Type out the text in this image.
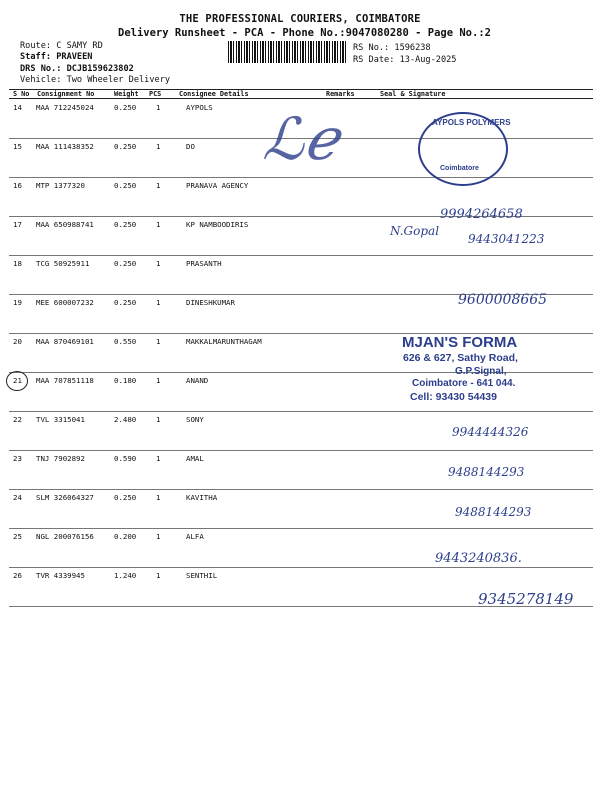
THE PROFESSIONAL COURIERS, COIMBATORE
Delivery Runsheet - PCA - Phone No.:9047080280 - Page No.:2
Route: C SAMY RD
Staff: PRAVEEN
DRS No.: DCJB159623802
Vehicle: Two Wheeler Delivery
RS No.: 1596238
RS Date: 13-Aug-2025
S No Consignment No	Weight PCS	Consignee Details	Remarks	Seal & Signature
14 MAA 712245024	0.250	1	AYPOLS
15 MAA 111438352	0.250	1	DO
16 MTP 1377320	0.250	1	PRANAVA AGENCY
17 MAA 650988741	0.250	1	KP NAMBOODIRIS
18 TCG 50925911	0.250	1	PRASANTH
19 MEE 600007232	0.250	1	DINESHKUMAR
20 MAA 870469101	0.550	1	MAKKALMARUNTHAGAM
21 MAA 707851118	0.180	1	ANAND
22 TVL 3315041	2.480	1	SONY
23 TNJ 7902892	0.590	1	AMAL
24 SLM 326064327	0.250	1	KAVITHA
25 NGL 200076156	0.200	1	ALFA
26 TVR 4339945	1.240	1	SENTHIL
ℒℯ	AYPOLS POLYMERS
Coimbatore
9994264658
N.Gopal
9443041223
9600008665
MJAN'S FORMA
626 & 627, Sathy Road,
G.P.Signal,
Coimbatore - 641 044.
Cell: 93430 54439
9944444326
9488144293
9488144293
9443240836.
9345278149
